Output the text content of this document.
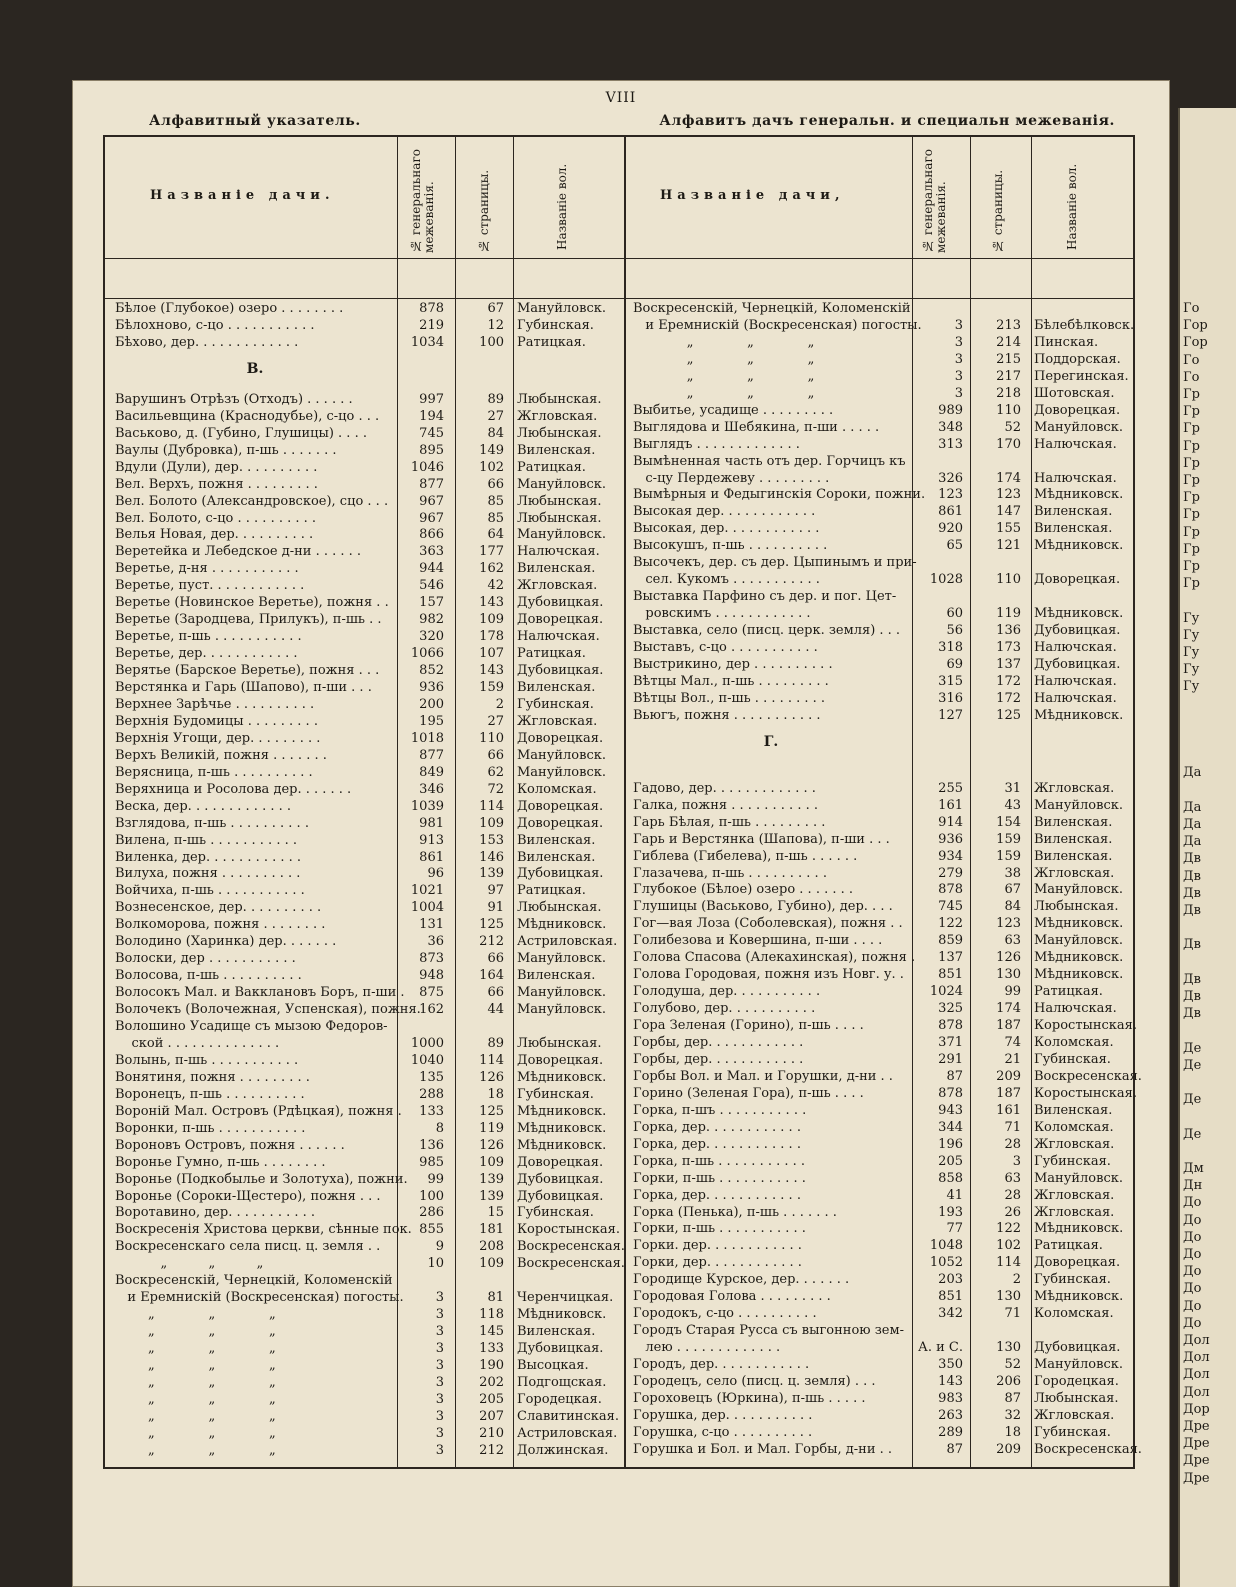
VIII
Алфавитный указатель.	Алфавитъ дачъ генеральн. и специальн межеванія.
Го
Гор
Гор
Го
Го
Гр
Гр
Гр
Гр
Гр
Гр
Гр
Гр
Гр
Гр
Гр
Гр
Гу
Гу
Гу
Гу
Гу
Да
Да
Да
Да
Дв
Дв
Дв
Дв
Дв
Дв
Дв
Дв
Де
Де
Де
Де
Дм
Дн
До
До
До
До
До
До
До
До
Дол
Дол
Дол
Дол
Дор
Дре
Дре
Дре
Дре
Названіе дачи.	№ генеральнаго межеванія.	№ страницы.	Названіе вол.	Названіе дачи,	№ генеральнаго межеванія.	№ страницы.	Названіе вол.
Бѣлое (Глубокое) озеро . . . . . . . .	878	67 Мануйловск.
Бѣлохново, с-цо . . . . . . . . . . .	219	12 Губинская.
Бѣхово, дер. . . . . . . . . . . . .	1034	100 Ратицкая.
В.
Варушинъ Отрѣзъ (Отходъ) . . . . . .	997	89 Любынская.
Васильевщина (Краснодубье), с-цо . . .	194	27 Жгловская.
Васьково, д. (Губино, Глушицы) . . . .	745	84 Любынская.
Ваулы (Дубровка), п-шь . . . . . . .	895	149 Виленская.
Вдули (Дули), дер. . . . . . . . . .	1046	102 Ратицкая.
Вел. Верхъ, пожня . . . . . . . . .	877	66 Мануйловск.
Вел. Болото (Александровское), сцо . . .	967	85 Любынская.
Вел. Болото, с-цо . . . . . . . . . .	967	85 Любынская.
Велья Новая, дер. . . . . . . . . .	866	64 Мануйловск.
Веретейка и Лебедское д-ни . . . . . .	363	177 Налючская.
Веретье, д-ня . . . . . . . . . . .	944	162 Виленская.
Веретье, пуст. . . . . . . . . . . .	546	42 Жгловская.
Веретье (Новинское Веретье), пожня . .	157	143 Дубовицкая.
Веретье (Зародцева, Прилукъ), п-шь . .	982	109 Доворецкая.
Веретье, п-шь . . . . . . . . . . .	320	178 Налючская.
Веретье, дер. . . . . . . . . . . .	1066	107 Ратицкая.
Верятье (Барское Веретье), пожня . . .	852	143 Дубовицкая.
Верстянка и Гарь (Шапово), п-ши . . .	936	159 Виленская.
Верхнее Зарѣчье . . . . . . . . . .	200	2 Губинская.
Верхнія Будомицы . . . . . . . . .	195	27 Жгловская.
Верхнія Угощи, дер. . . . . . . . .	1018	110 Доворецкая.
Верхъ Великій, пожня . . . . . . .	877	66 Мануйловск.
Верясница, п-шь . . . . . . . . . .	849	62 Мануйловск.
Веряхница и Росолова дер. . . . . . .	346	72 Коломская.
Веска, дер. . . . . . . . . . . . .	1039	114 Доворецкая.
Взглядова, п-шь . . . . . . . . . .	981	109 Доворецкая.
Вилена, п-шь . . . . . . . . . . .	913	153 Виленская.
Виленка, дер. . . . . . . . . . . .	861	146 Виленская.
Вилуха, пожня . . . . . . . . . .	96	139 Дубовицкая.
Войчиха, п-шь . . . . . . . . . . .	1021	97 Ратицкая.
Вознесенское, дер. . . . . . . . . .	1004	91 Любынская.
Волкоморова, пожня . . . . . . . .	131	125 Мѣдниковск.
Володино (Харинка) дер. . . . . . .	36	212 Астриловская.
Волоски, дер . . . . . . . . . . .	873	66 Мануйловск.
Волосова, п-шь . . . . . . . . . .	948	164 Виленская.
Волосокъ Мал. и Вакклановъ Боръ, п-ши .	875	66 Мануйловск.
Волочекъ (Волочежная, Успенская), пожня.
162	44 Мануйловск.
Волошино Усадище съ мызою Федоров-
ской . . . . . . . . . . . . . .	1000	89 Любынская.
Волынь, п-шь . . . . . . . . . . .	1040	114 Доворецкая.
Вонятиня, пожня . . . . . . . . .	135	126 Мѣдниковск.
Воронецъ, п-шь . . . . . . . . . .	288	18 Губинская.
Вороній Мал. Островъ (Рдѣцкая), пожня .	133	125 Мѣдниковск.
Воронки, п-шь . . . . . . . . . . .	8	119 Мѣдниковск.
Вороновъ Островъ, пожня . . . . . .	136	126 Мѣдниковск.
Воронье Гумно, п-шь . . . . . . . .	985	109 Доворецкая.
Воронье (Подкобылье и Золотуха), пожни.	99	139 Дубовицкая.
Воронье (Сороки-Щестеро), пожня . . .	100	139 Дубовицкая.
Воротавино, дер. . . . . . . . . . .	286	15 Губинская.
Воскресенія Христова церкви, сѣнные пок. 855	181 Коростынская.
Воскресенскаго села писц. ц. земля . .	9	208 Воскресенская.
„          „          „	10	109 Воскресенская.
Воскресенскій, Чернецкій, Коломенскій
и Еремнискій (Воскресенская) погосты.	3	81 Черенчицкая.
„             „             „	3	118 Мѣдниковск.
„             „             „	3	145 Виленская.
„             „             „	3	133 Дубовицкая.
„             „             „	3	190 Высоцкая.
„             „             „	3	202 Подгощская.
„             „             „	3	205 Городецкая.
„             „             „	3	207 Славитинская.
„             „             „	3	210 Астриловская.
„             „             „	3	212 Должинская.
Воскресенскій, Чернецкій, Коломенскій
и Еремнискій (Воскресенская) погосты.	3	213 Бѣлебѣлковск.
„             „             „	3	214 Пинская.
„             „             „	3	215 Поддорская.
„             „             „	3	217 Перегинская.
„             „             „	3	218 Шотовская.
Выбитье, усадище . . . . . . . . .	989	110 Доворецкая.
Выглядова и Шебякина, п-ши . . . . .	348	52 Мануйловск.
Выглядъ . . . . . . . . . . . . .	313	170 Налючская.
Вымѣненная часть отъ дер. Горчицъ къ
с-цу Пердежеву . . . . . . . . .	326	174 Налючская.
Вымѣрныя и Федыгинскія Сороки, пожни.	123	123 Мѣдниковск.
Высокая дер. . . . . . . . . . . .	861	147 Виленская.
Высокая, дер. . . . . . . . . . . .	920	155 Виленская.
Высокушъ, п-шь . . . . . . . . . .	65	121 Мѣдниковск.
Высочекъ, дер. съ дер. Цыпинымъ и при-
сел. Кукомъ . . . . . . . . . . .	1028	110 Доворецкая.
Выставка Парфино съ дер. и пог. Цет-
ровскимъ . . . . . . . . . . . .	60	119 Мѣдниковск.
Выставка, село (писц. церк. земля) . . .	56	136 Дубовицкая.
Выставъ, с-цо . . . . . . . . . . .	318	173 Налючская.
Выстрикино, дер . . . . . . . . . .	69	137 Дубовицкая.
Вѣтцы Мал., п-шь . . . . . . . . .	315	172 Налючская.
Вѣтцы Вол., п-шь . . . . . . . . .	316	172 Налючская.
Вьюгъ, пожня . . . . . . . . . . .	127	125 Мѣдниковск.
Г.
Гадово, дер. . . . . . . . . . . . .	255	31 Жгловская.
Галка, пожня . . . . . . . . . . .	161	43 Мануйловск.
Гарь Бѣлая, п-шь . . . . . . . . .	914	154 Виленская.
Гарь и Верстянка (Шапова), п-ши . . .	936	159 Виленская.
Гиблева (Гибелева), п-шь . . . . . .	934	159 Виленская.
Глазачева, п-шь . . . . . . . . . .	279	38 Жгловская.
Глубокое (Бѣлое) озеро . . . . . . .	878	67 Мануйловск.
Глушицы (Васьково, Губино), дер. . . .	745	84 Любынская.
Гог—вая Лоза (Соболевская), пожня . .	122	123 Мѣдниковск.
Голибезова и Ковершина, п-ши . . . .	859	63 Мануйловск.
Голова Спасова (Алекахинская), пожня .	137	126 Мѣдниковск.
Голова Городовая, пожня изъ Новг. у. .	851	130 Мѣдниковск.
Голодуша, дер. . . . . . . . . . .	1024	99 Ратицкая.
Голубово, дер. . . . . . . . . . .	325	174 Налючская.
Гора Зеленая (Горино), п-шь . . . .	878	187 Коростынская.
Горбы, дер. . . . . . . . . . . .	371	74 Коломская.
Горбы, дер. . . . . . . . . . . .	291	21 Губинская.
Горбы Вол. и Мал. и Горушки, д-ни . .	87	209 Воскресенская.
Горино (Зеленая Гора), п-шь . . . .	878	187 Коростынская.
Горка, п-шъ . . . . . . . . . . .	943	161 Виленская.
Горка, дер. . . . . . . . . . . .	344	71 Коломская.
Горка, дер. . . . . . . . . . . .	196	28 Жгловская.
Горка, п-шь . . . . . . . . . . .	205	3 Губинская.
Горки, п-шь . . . . . . . . . . .	858	63 Мануйловск.
Горка, дер. . . . . . . . . . . .	41	28 Жгловская.
Горка (Пенька), п-шь . . . . . . .	193	26 Жгловская.
Горки, п-шь . . . . . . . . . . .	77	122 Мѣдниковск.
Горки. дер. . . . . . . . . . . .	1048	102 Ратицкая.
Горки, дер. . . . . . . . . . . .	1052	114 Доворецкая.
Городище Курское, дер. . . . . . .	203	2 Губинская.
Городовая Голова . . . . . . . . .	851	130 Мѣдниковск.
Городокъ, с-цо . . . . . . . . . .	342	71 Коломская.
Городъ Старая Русса съ выгонною зем-
лею . . . . . . . . . . . . .	А. и С.	130 Дубовицкая.
Городъ, дер. . . . . . . . . . . .	350	52 Мануйловск.
Городецъ, село (писц. ц. земля) . . .	143	206 Городецкая.
Гороховецъ (Юркина), п-шь . . . . .	983	87 Любынская.
Горушка, дер. . . . . . . . . . .	263	32 Жгловская.
Горушка, с-цо . . . . . . . . . .	289	18 Губинская.
Горушка и Бол. и Мал. Горбы, д-ни . .	87	209 Воскресенская.
